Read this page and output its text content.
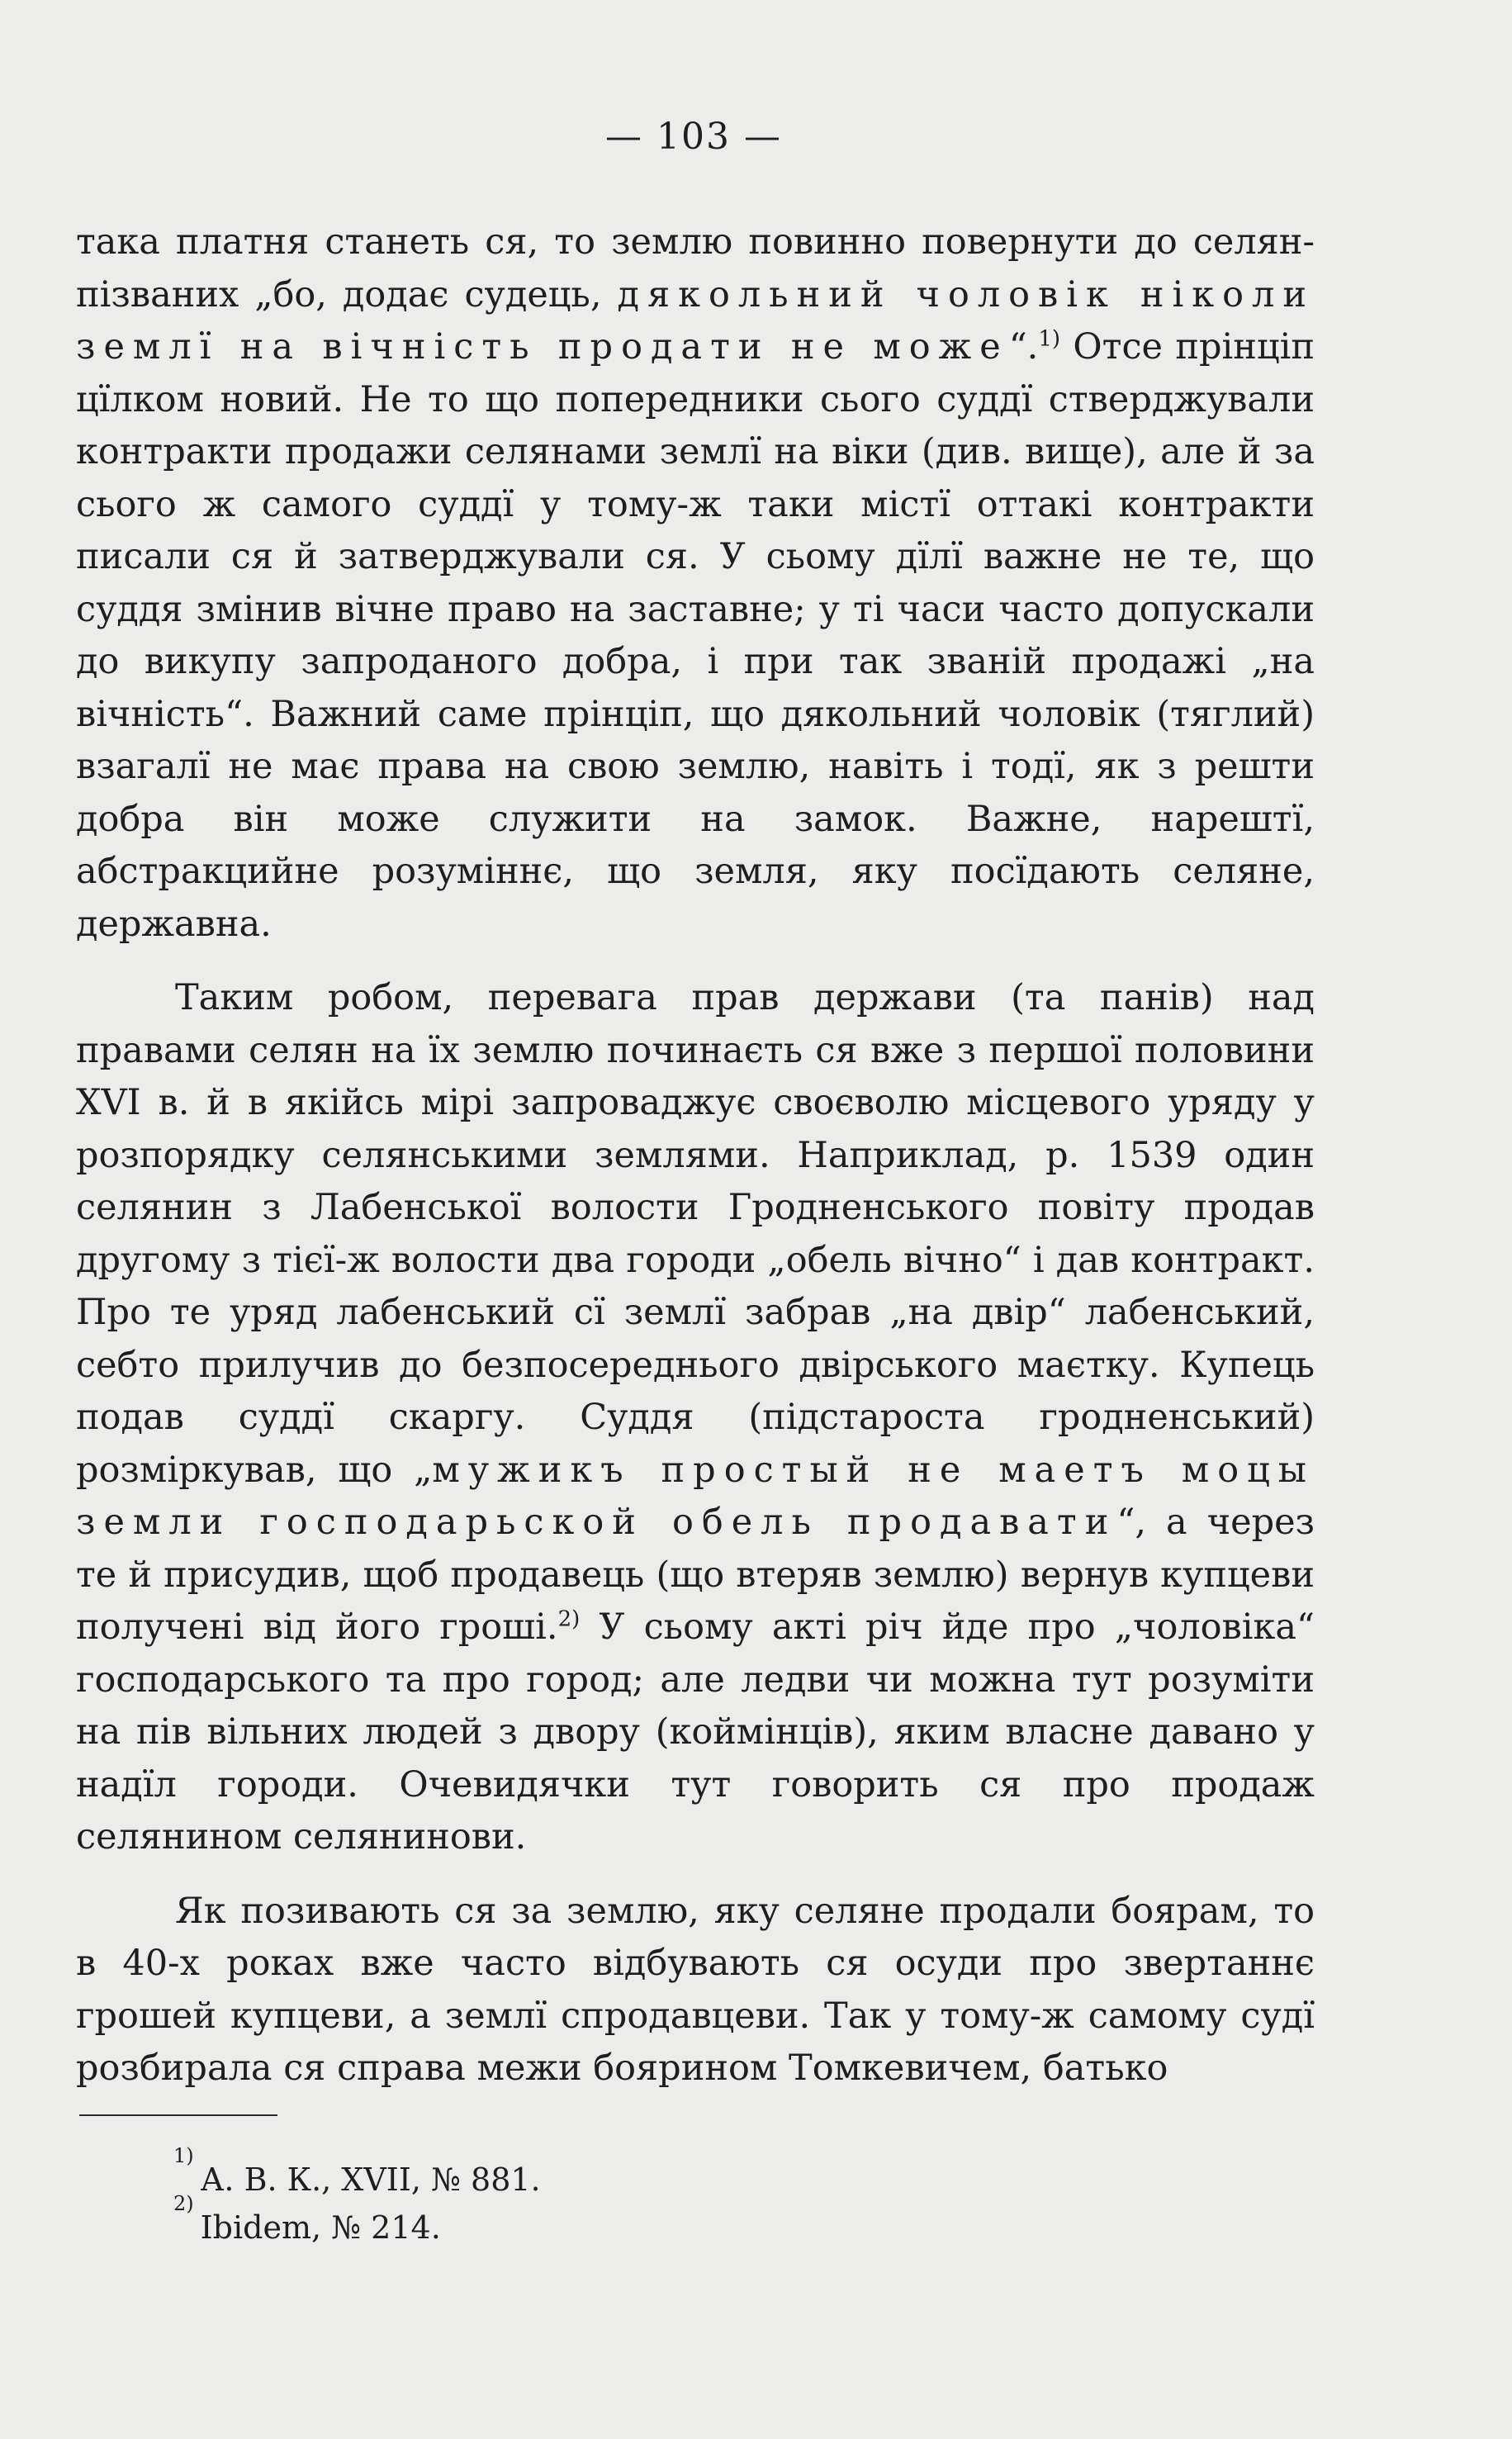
— 103 —

така платня станеть ся, то землю повинно повернути до селян-пізваних „бо, додає судець, дякольний чоловік ніколи землї на вічність продати не може“.$^{1)}$ Отсе прінціп цїлком новий. Не то що попередники сього суддї стверджували контракти продажи селянами землї на віки (див. вище), але й за сього ж самого суддї у тому-ж таки містї оттакі контракти писали ся й затверджували ся. У сьому дїлї важне не те, що суддя змінив вічне право на заставне; у ті часи часто допускали до викупу запроданого добра, і при так званій продажі „на вічність“. Важний саме прінціп, що дякольний чоловік (тяглий) взагалї не має права на свою землю, навіть і тодї, як з решти добра він може служити на замок. Важне, нарештї, абстракцийне розуміннє, що земля, яку посїдають селяне, державна.

Таким робом, перевага прав держави (та панів) над правами селян на їх землю починаєть ся вже з першої половини XVI в. й в якійсь мірі запроваджує своєволю місцевого уряду у розпорядку селянськими землями. Наприклад, р. 1539 один селянин з Лабенської волости Гродненського повіту продав другому з тієї-ж волости два городи „обель вічно“ і дав контракт. Про те уряд лабенський сї землї забрав „на двір“ лабенський, себто прилучив до безпосереднього двірського маєтку. Купець подав суддї скаргу. Суддя (підстароста гродненський) розміркував, що „мужикъ простый не маетъ моцы земли господарьской обель продавати“, а через те й присудив, щоб продавець (що втеряв землю) вернув купцеви получені від його гроші.$^{2)}$ У сьому акті річ йде про „чоловіка“ господарського та про город; але ледви чи можна тут розуміти на пів вільних людей з двору (коймінців), яким власне давано у надїл городи. Очевидячки тут говорить ся про продаж селянином селянинови.

Як позивають ся за землю, яку селяне продали боярам, то в 40-х роках вже часто відбувають ся осуди про звертаннє грошей купцеви, а землї спродавцеви. Так у тому-ж самому судї розбирала ся справа межи боярином Томкевичем, батько

1)
А. В. К., XVII, № 881.
2)
Ibidem, № 214.
